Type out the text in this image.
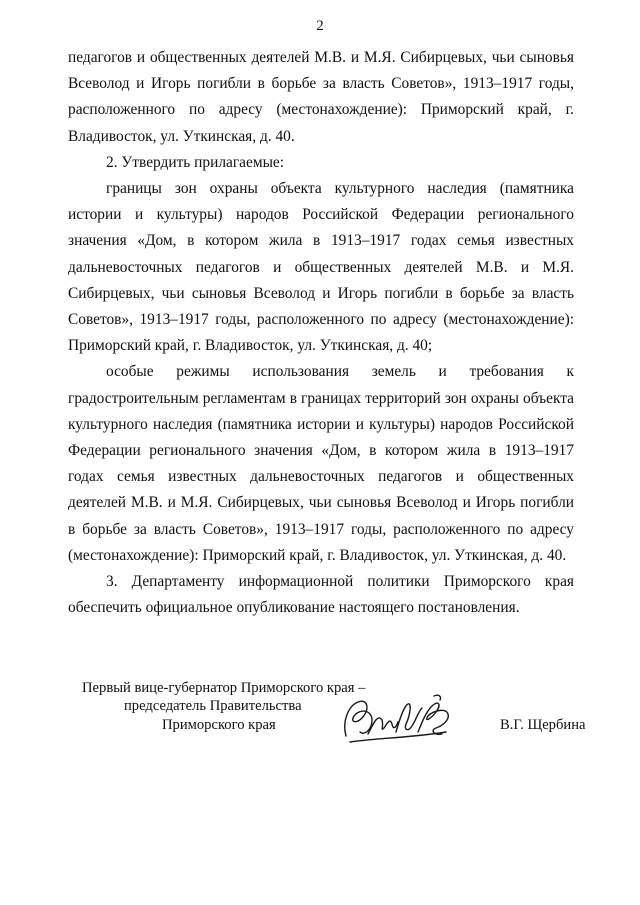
2

педагогов и общественных деятелей М.В. и М.Я. Сибирцевых, чьи сыновья Всеволод и Игорь погибли в борьбе за власть Советов», 1913–1917 годы, расположенного по адресу (местонахождение): Приморский край, г. Владивосток, ул. Уткинская, д. 40.

2. Утвердить прилагаемые:

границы зон охраны объекта культурного наследия (памятника истории и культуры) народов Российской Федерации регионального значения «Дом, в котором жила в 1913–1917 годах семья известных дальневосточных педагогов и общественных деятелей М.В. и М.Я. Сибирцевых, чьи сыновья Всеволод и Игорь погибли в борьбе за власть Советов», 1913–1917 годы, расположенного по адресу (местонахождение): Приморский край, г. Владивосток, ул. Уткинская, д. 40;

особые режимы использования земель и требования к градостроительным регламентам в границах территорий зон охраны объекта культурного наследия (памятника истории и культуры) народов Российской Федерации регионального значения «Дом, в котором жила в 1913–1917 годах семья известных дальневосточных педагогов и общественных деятелей М.В. и М.Я. Сибирцевых, чьи сыновья Всеволод и Игорь погибли в борьбе за власть Советов», 1913–1917 годы, расположенного по адресу (местонахождение): Приморский край, г. Владивосток, ул. Уткинская, д. 40.

3. Департаменту информационной политики Приморского края обеспечить официальное опубликование настоящего постановления.

Первый вице-губернатор Приморского края –
председатель Правительства
Приморского края	В.Г. Щербина
